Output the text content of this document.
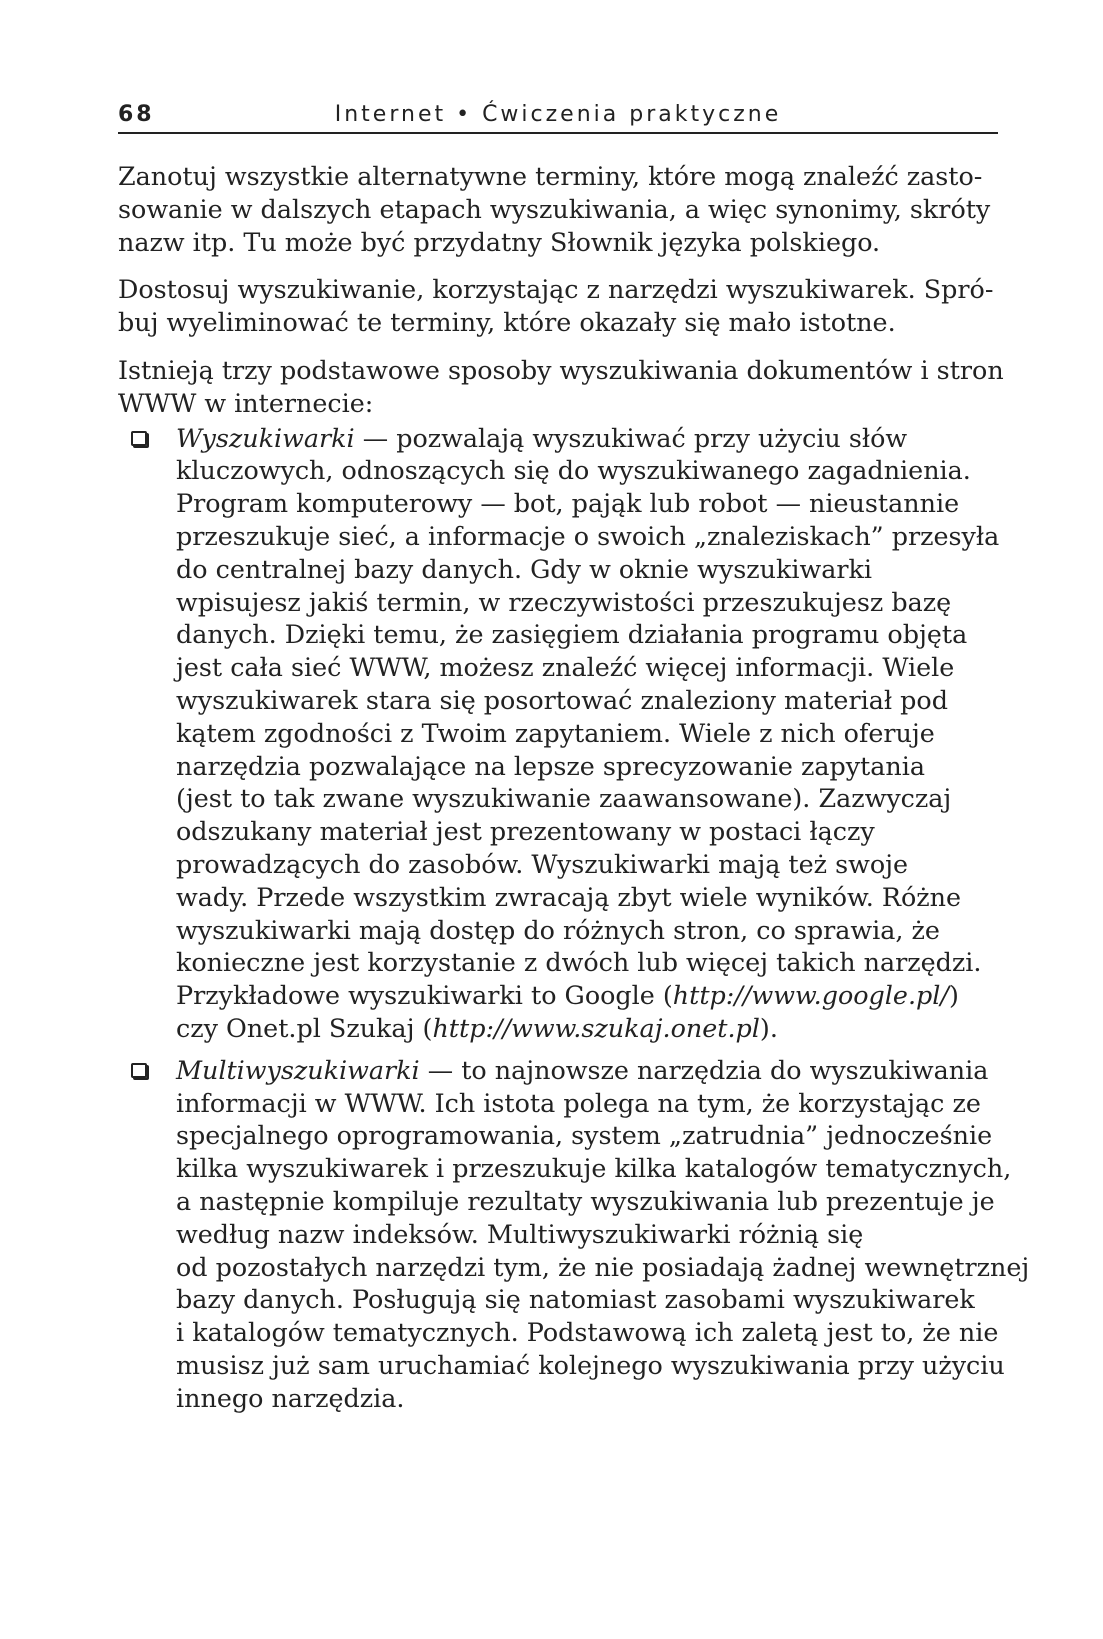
68	Internet • Ćwiczenia praktyczne

Zanotuj wszystkie alternatywne terminy, które mogą znaleźć zasto-
sowanie w dalszych etapach wyszukiwania, a więc synonimy, skróty
nazw itp. Tu może być przydatny Słownik języka polskiego.

Dostosuj wyszukiwanie, korzystając z narzędzi wyszukiwarek. Spró-
buj wyeliminować te terminy, które okazały się mało istotne.

Istnieją trzy podstawowe sposoby wyszukiwania dokumentów i stron
WWW w internecie:

Wyszukiwarki — pozwalają wyszukiwać przy użyciu słów
kluczowych, odnoszących się do wyszukiwanego zagadnienia.
Program komputerowy — bot, pająk lub robot — nieustannie
przeszukuje sieć, a informacje o swoich „znaleziskach” przesyła
do centralnej bazy danych. Gdy w oknie wyszukiwarki
wpisujesz jakiś termin, w rzeczywistości przeszukujesz bazę
danych. Dzięki temu, że zasięgiem działania programu objęta
jest cała sieć WWW, możesz znaleźć więcej informacji. Wiele
wyszukiwarek stara się posortować znaleziony materiał pod
kątem zgodności z Twoim zapytaniem. Wiele z nich oferuje
narzędzia pozwalające na lepsze sprecyzowanie zapytania
(jest to tak zwane wyszukiwanie zaawansowane). Zazwyczaj
odszukany materiał jest prezentowany w postaci łączy
prowadzących do zasobów. Wyszukiwarki mają też swoje
wady. Przede wszystkim zwracają zbyt wiele wyników. Różne
wyszukiwarki mają dostęp do różnych stron, co sprawia, że
konieczne jest korzystanie z dwóch lub więcej takich narzędzi.
Przykładowe wyszukiwarki to Google (http://www.google.pl/)
czy Onet.pl Szukaj (http://www.szukaj.onet.pl).
Multiwyszukiwarki — to najnowsze narzędzia do wyszukiwania
informacji w WWW. Ich istota polega na tym, że korzystając ze
specjalnego oprogramowania, system „zatrudnia” jednocześnie
kilka wyszukiwarek i przeszukuje kilka katalogów tematycznych,
a następnie kompiluje rezultaty wyszukiwania lub prezentuje je
według nazw indeksów. Multiwyszukiwarki różnią się
od pozostałych narzędzi tym, że nie posiadają żadnej wewnętrznej
bazy danych. Posługują się natomiast zasobami wyszukiwarek
i katalogów tematycznych. Podstawową ich zaletą jest to, że nie
musisz już sam uruchamiać kolejnego wyszukiwania przy użyciu
innego narzędzia.
